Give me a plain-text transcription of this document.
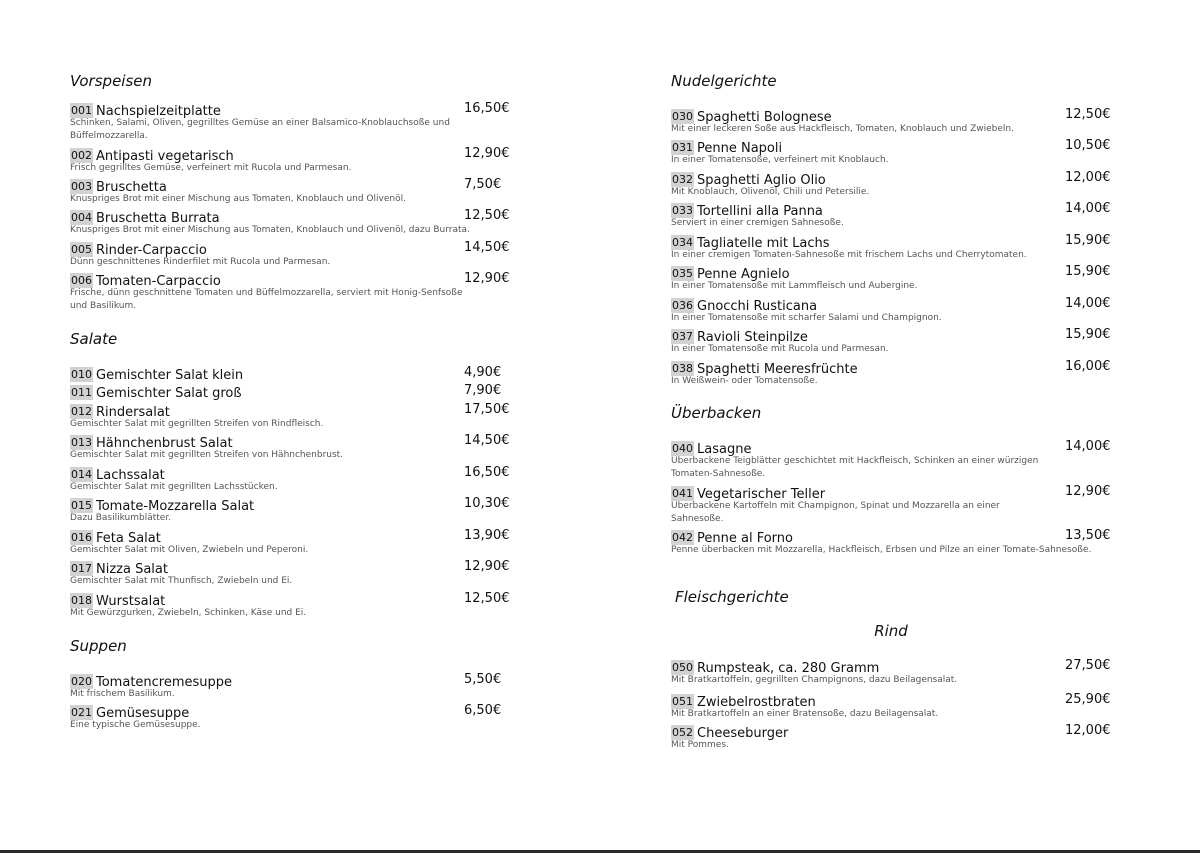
Vorspeisen
001 Nachspielzeitplatte	16,50€
Schinken, Salami, Oliven, gegrilltes Gemüse an einer Balsamico-Knoblauchsoße und Büffelmozzarella.
002 Antipasti vegetarisch	12,90€
Frisch gegrilltes Gemüse, verfeinert mit Rucola und Parmesan.
003 Bruschetta	7,50€
Knuspriges Brot mit einer Mischung aus Tomaten, Knoblauch und Olivenöl.
004 Bruschetta Burrata	12,50€
Knuspriges Brot mit einer Mischung aus Tomaten, Knoblauch und Olivenöl, dazu Burrata.
005 Rinder-Carpaccio	14,50€
Dünn geschnittenes Rinderfilet mit Rucola und Parmesan.
006 Tomaten-Carpaccio	12,90€
Frische, dünn geschnittene Tomaten und Büffelmozzarella, serviert mit Honig-Senfsoße und Basilikum.
Salate
010 Gemischter Salat klein	4,90€
011 Gemischter Salat groß	7,90€
012 Rindersalat	17,50€
Gemischter Salat mit gegrillten Streifen von Rindfleisch.
013 Hähnchenbrust Salat	14,50€
Gemischter Salat mit gegrillten Streifen von Hähnchenbrust.
014 Lachssalat	16,50€
Gemischter Salat mit gegrillten Lachsstücken.
015 Tomate-Mozzarella Salat	10,30€
Dazu Basilikumblätter.
016 Feta Salat	13,90€
Gemischter Salat mit Oliven, Zwiebeln und Peperoni.
017 Nizza Salat	12,90€
Gemischter Salat mit Thunfisch, Zwiebeln und Ei.
018 Wurstsalat	12,50€
Mit Gewürzgurken, Zwiebeln, Schinken, Käse und Ei.
Suppen
020 Tomatencremesuppe	5,50€
Mit frischem Basilikum.
021 Gemüsesuppe	6,50€
Eine typische Gemüsesuppe.
Nudelgerichte
030 Spaghetti Bolognese	12,50€
Mit einer leckeren Soße aus Hackfleisch, Tomaten, Knoblauch und Zwiebeln.
031 Penne Napoli	10,50€
In einer Tomatensoße, verfeinert mit Knoblauch.
032 Spaghetti Aglio Olio	12,00€
Mit Knoblauch, Olivenöl, Chili und Petersilie.
033 Tortellini alla Panna	14,00€
Serviert in einer cremigen Sahnesoße.
034 Tagliatelle mit Lachs	15,90€
In einer cremigen Tomaten-Sahnesoße mit frischem Lachs und Cherrytomaten.
035 Penne Agnielo	15,90€
In einer Tomatensoße mit Lammfleisch und Aubergine.
036 Gnocchi Rusticana	14,00€
In einer Tomatensoße mit scharfer Salami und Champignon.
037 Ravioli Steinpilze	15,90€
In einer Tomatensoße mit Rucola und Parmesan.
038 Spaghetti Meeresfrüchte	16,00€
In Weißwein- oder Tomatensoße.
Überbacken
040 Lasagne	14,00€
Überbackene Teigblätter geschichtet mit Hackfleisch, Schinken an einer würzigen Tomaten-Sahnesoße.
041 Vegetarischer Teller	12,90€
Überbackene Kartoffeln mit Champignon, Spinat und Mozzarella an einer Sahnesoße.
042 Penne al Forno	13,50€
Penne überbacken mit Mozzarella, Hackfleisch, Erbsen und Pilze an einer Tomate-Sahnesoße.
Fleischgerichte
Rind
050 Rumpsteak, ca. 280 Gramm	27,50€
Mit Bratkartoffeln, gegrillten Champignons, dazu Beilagensalat.
051 Zwiebelrostbraten	25,90€
Mit Bratkartoffeln an einer Bratensoße, dazu Beilagensalat.
052 Cheeseburger	12,00€
Mit Pommes.
